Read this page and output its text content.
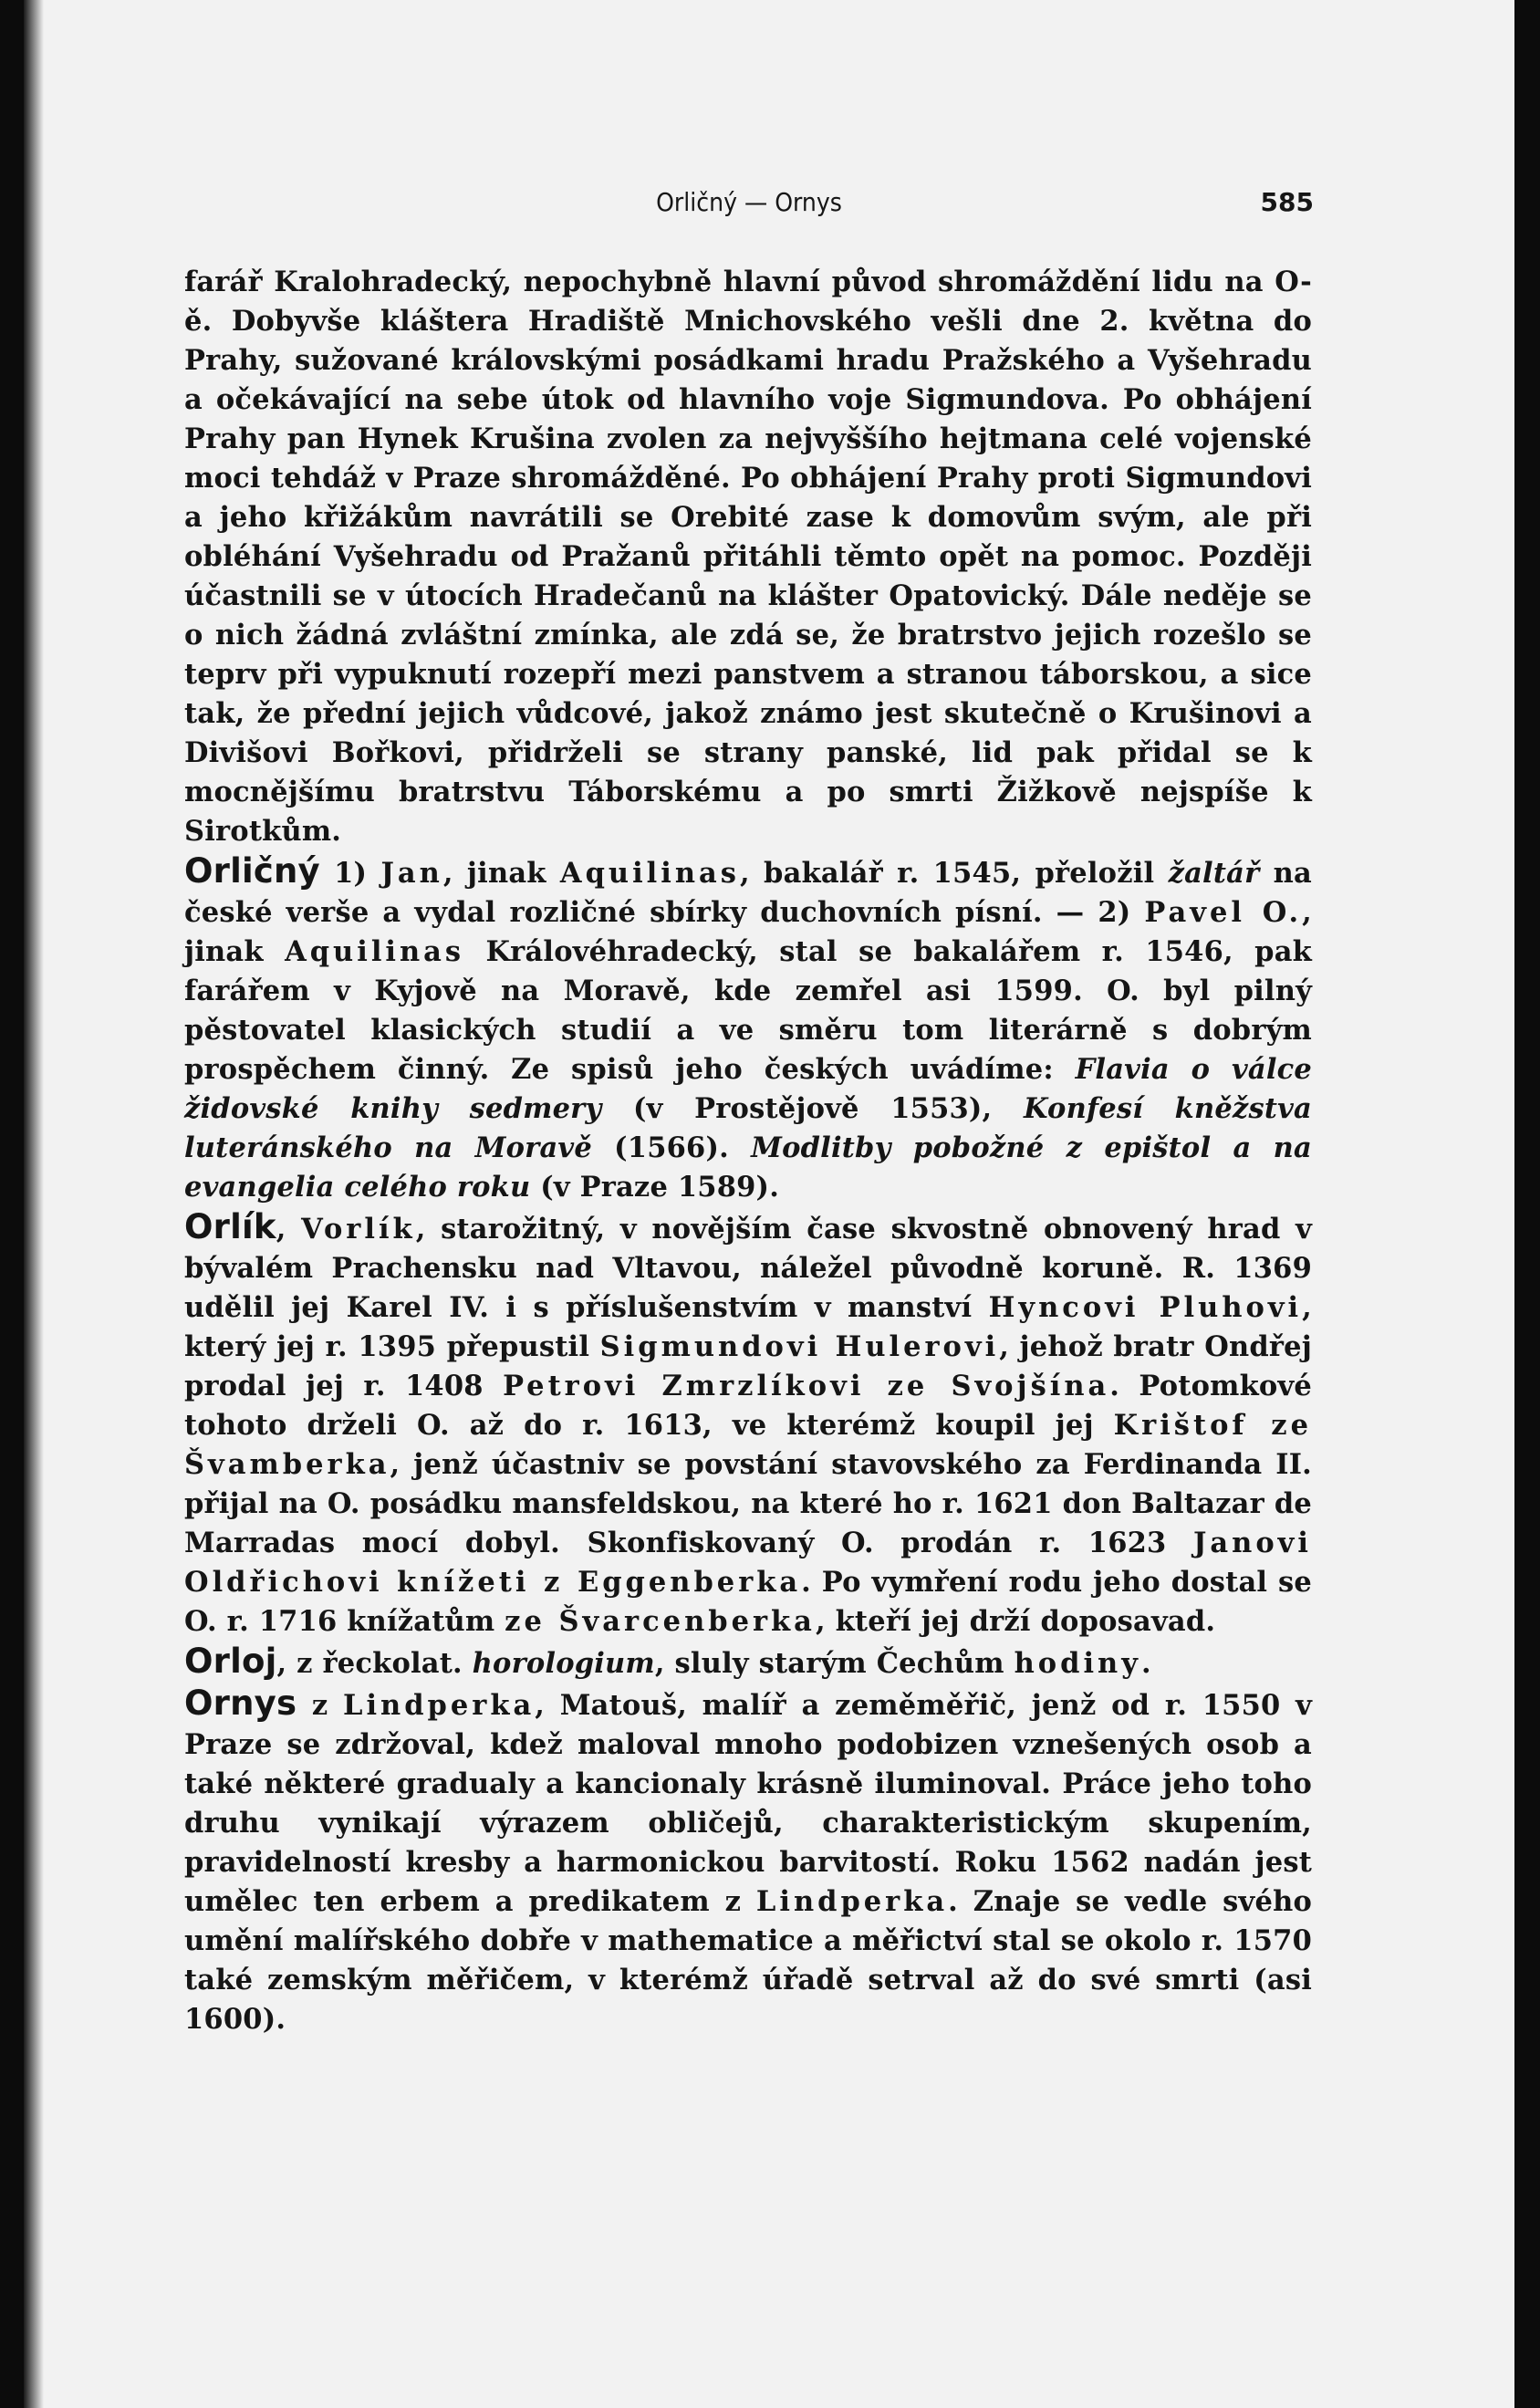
Orličný — Ornys	585

farář Kralohradecký, nepochybně hlavní původ shromáždění lidu na O-ě. Dobyvše kláštera Hradiště Mnichovského vešli dne 2. května do Prahy, sužované královskými posádkami hradu Pražského a Vyšehradu a očekávající na sebe útok od hlavního voje Sigmundova. Po obhájení Prahy pan Hynek Krušina zvolen za nejvyššího hejtmana celé vojenské moci tehdáž v Praze shromážděné. Po obhájení Prahy proti Sigmundovi a jeho křižákům navrátili se Orebité zase k domovům svým, ale při obléhání Vyšehradu od Pražanů přitáhli těmto opět na pomoc. Později účastnili se v útocích Hradečanů na klášter Opatovický. Dále neděje se o nich žádná zvláštní zmínka, ale zdá se, že bratrstvo jejich rozešlo se teprv při vypuknutí rozepří mezi panstvem a stranou táborskou, a sice tak, že přední jejich vůdcové, jakož známo jest skutečně o Krušinovi a Divišovi Bořkovi, přidrželi se strany panské, lid pak přidal se k mocnějšímu bratrstvu Táborskému a po smrti Žižkově nejspíše k Sirotkům.

Orličný 1) Jan, jinak Aquilinas, bakalář r. 1545, přeložil žaltář na české verše a vydal rozličné sbírky duchovních písní. — 2) Pavel O., jinak Aquilinas Královéhradecký, stal se bakalářem r. 1546, pak farářem v Kyjově na Moravě, kde zemřel asi 1599. O. byl pilný pěstovatel klasických studií a ve směru tom literárně s dobrým prospěchem činný. Ze spisů jeho českých uvádíme: Flavia o válce židovské knihy sedmery (v Prostějově 1553), Konfesí kněžstva luteránského na Moravě (1566). Modlitby pobožné z epištol a na evangelia celého roku (v Praze 1589).

Orlík, Vorlík, starožitný, v novějším čase skvostně obnovený hrad v bývalém Prachensku nad Vltavou, náležel původně koruně. R. 1369 udělil jej Karel IV. i s příslušenstvím v manství Hyncovi Pluhovi, který jej r. 1395 přepustil Sigmundovi Hulerovi, jehož bratr Ondřej prodal jej r. 1408 Petrovi Zmrzlíkovi ze Svojšína. Potomkové tohoto drželi O. až do r. 1613, ve kterémž koupil jej Krištof ze Švamberka, jenž účastniv se povstání stavovského za Ferdinanda II. přijal na O. posádku mansfeldskou, na které ho r. 1621 don Baltazar de Marradas mocí dobyl. Skonfiskovaný O. prodán r. 1623 Janovi Oldřichovi knížeti z Eggenberka. Po vymření rodu jeho dostal se O. r. 1716 knížatům ze Švarcenberka, kteří jej drží doposavad.

Orloj, z řeckolat. horologium, sluly starým Čechům hodiny.

Ornys z Lindperka, Matouš, malíř a zeměměřič, jenž od r. 1550 v Praze se zdržoval, kdež maloval mnoho podobizen vznešených osob a také některé gradualy a kancionaly krásně iluminoval. Práce jeho toho druhu vynikají výrazem obličejů, charakteristickým skupením, pravidelností kresby a harmonickou barvitostí. Roku 1562 nadán jest umělec ten erbem a predikatem z Lindperka. Znaje se vedle svého umění malířského dobře v mathematice a měřictví stal se okolo r. 1570 také zemským měřičem, v kterémž úřadě setrval až do své smrti (asi 1600).
